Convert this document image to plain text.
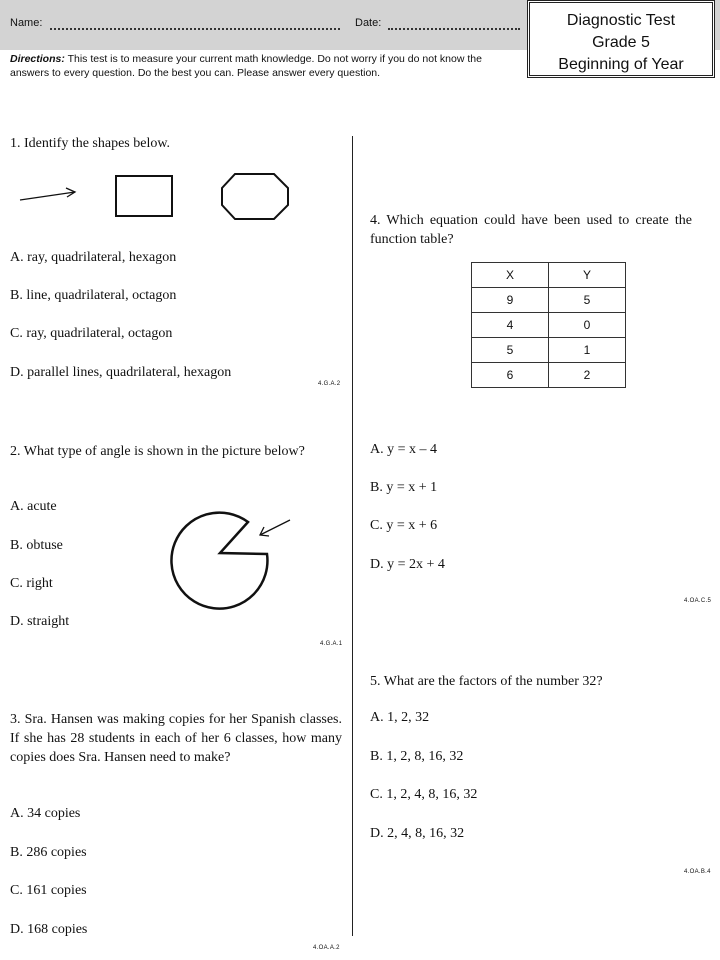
Name:	Date:	Diagnostic Test
Grade 5
Beginning of Year
Directions: This test is to measure your current math knowledge. Do not worry if you do not know the answers to every question. Do the best you can. Please answer every question.
1. Identify the shapes below.
A. ray, quadrilateral, hexagon
B. line, quadrilateral, octagon
C. ray, quadrilateral, octagon
D. parallel lines, quadrilateral, hexagon
4.G.A.2
2. What type of angle is shown in the picture below?
A. acute
B. obtuse
C. right
D. straight
4.G.A.1
3. Sra. Hansen was making copies for her Spanish classes. If she has 28 students in each of her 6 classes, how many copies does Sra. Hansen need to make?
A. 34 copies
B. 286 copies
C. 161 copies
D. 168 copies
4.OA.A.2
4. Which equation could have been used to create the function table?
X	Y
9	5
4	0
5	1
6	2
A. y = x – 4
B. y = x + 1
C. y = x + 6
D. y = 2x + 4
4.OA.C.5
5. What are the factors of the number 32?
A. 1, 2, 32
B. 1, 2, 8, 16, 32
C. 1, 2, 4, 8, 16, 32
D. 2, 4, 8, 16, 32
4.OA.B.4
